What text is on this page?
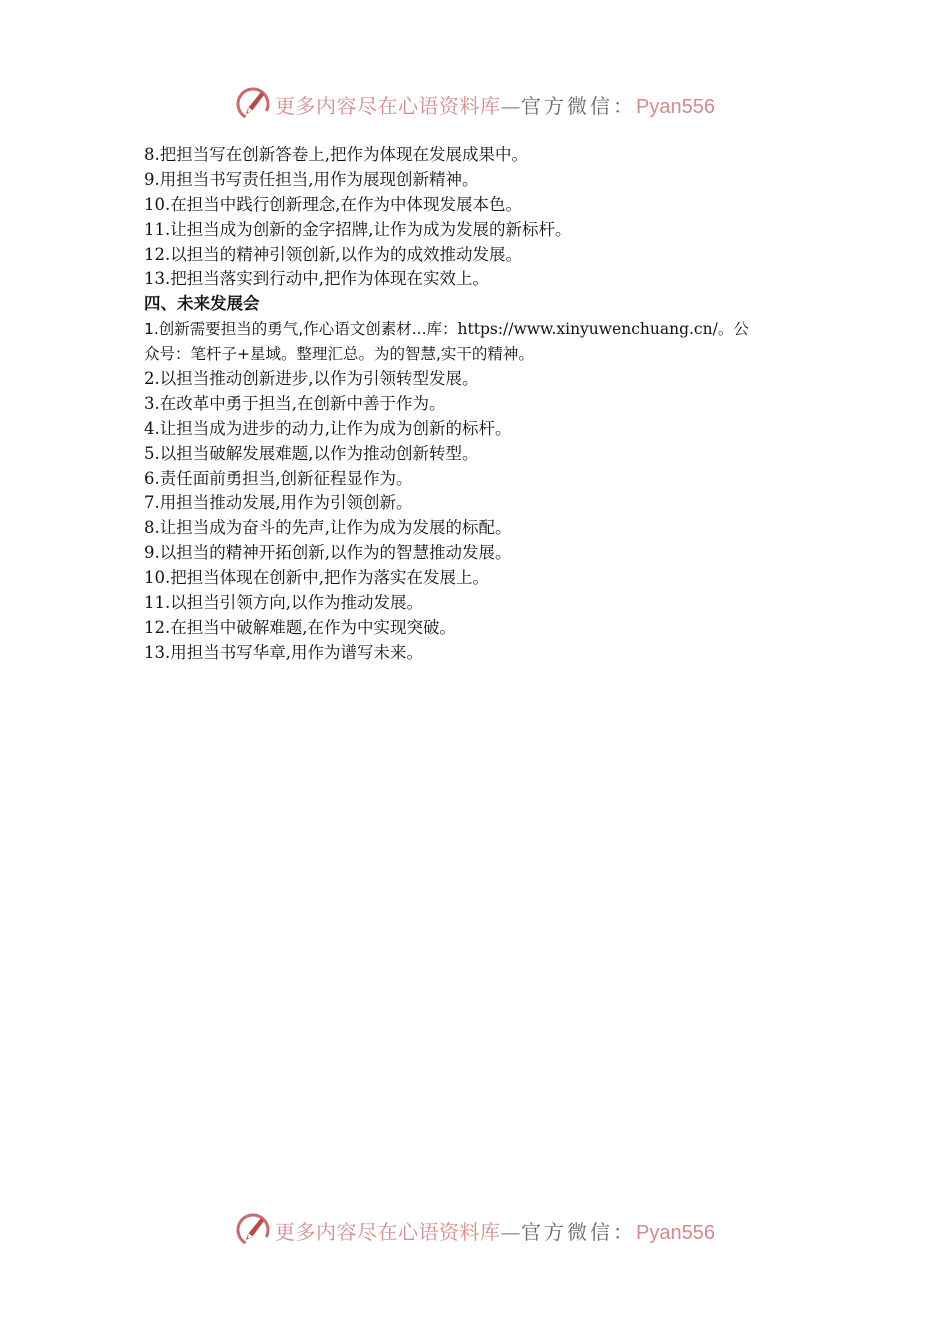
更多内容尽在心语资料库—官方微信：Pyan556
8.把担当写在创新答卷上,把作为体现在发展成果中。
9.用担当书写责任担当,用作为展现创新精神。
10.在担当中践行创新理念,在作为中体现发展本色。
11.让担当成为创新的金字招牌,让作为成为发展的新标杆。
12.以担当的精神引领创新,以作为的成效推动发展。
13.把担当落实到行动中,把作为体现在实效上。
四、未来发展会
1.创新需要担当的勇气,作心语文创素材...库：https://www.xinyuwenchuang.cn/。公
众号：笔杆子+星域。整理汇总。为的智慧,实干的精神。
2.以担当推动创新进步,以作为引领转型发展。
3.在改革中勇于担当,在创新中善于作为。
4.让担当成为进步的动力,让作为成为创新的标杆。
5.以担当破解发展难题,以作为推动创新转型。
6.责任面前勇担当,创新征程显作为。
7.用担当推动发展,用作为引领创新。
8.让担当成为奋斗的先声,让作为成为发展的标配。
9.以担当的精神开拓创新,以作为的智慧推动发展。
10.把担当体现在创新中,把作为落实在发展上。
11.以担当引领方向,以作为推动发展。
12.在担当中破解难题,在作为中实现突破。
13.用担当书写华章,用作为谱写未来。
更多内容尽在心语资料库—官方微信：Pyan556
